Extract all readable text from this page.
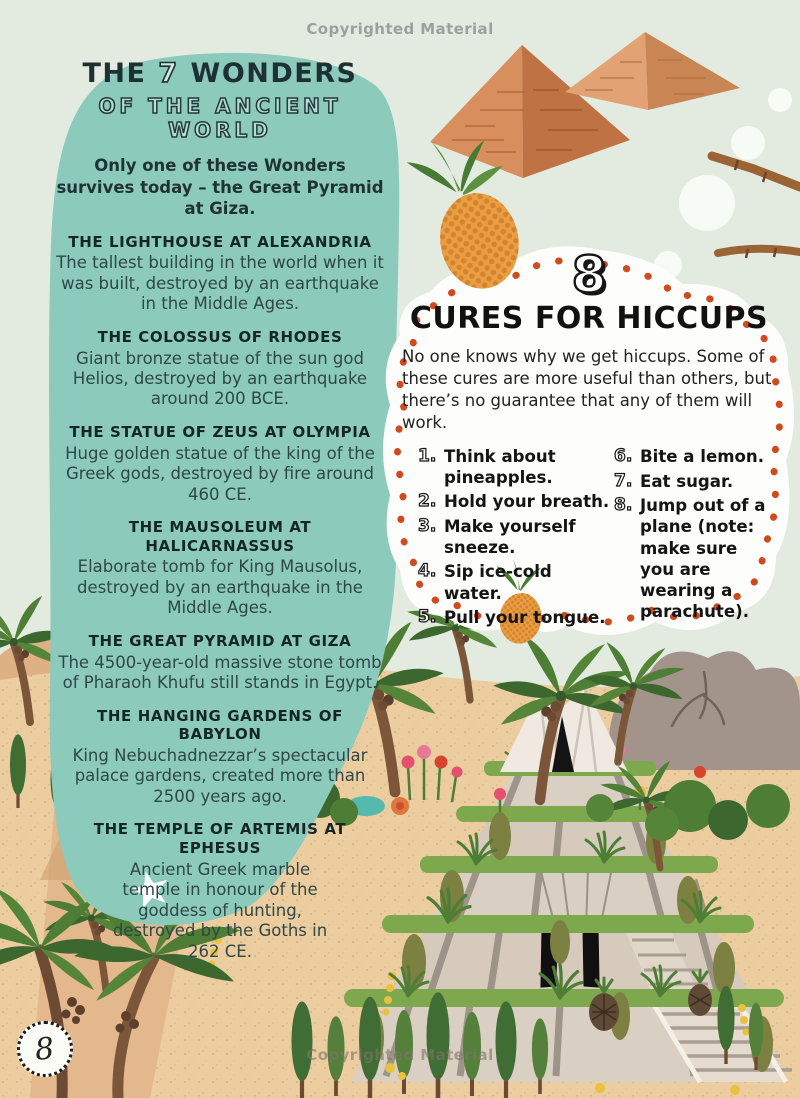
Copyrighted Material
THE 7 WONDERS
OF THE ANCIENT WORLD
Only one of these Wonders survives today – the Great Pyramid at Giza.
THE LIGHTHOUSE AT ALEXANDRIA
The tallest building in the world when it was built, destroyed by an earthquake in the Middle Ages.
THE COLOSSUS OF RHODES
Giant bronze statue of the sun god Helios, destroyed by an earthquake around 200 BCE.
THE STATUE OF ZEUS AT OLYMPIA
Huge golden statue of the king of the Greek gods, destroyed by fire around 460 CE.
THE MAUSOLEUM AT HALICARNASSUS
Elaborate tomb for King Mausolus, destroyed by an earthquake in the Middle Ages.
THE GREAT PYRAMID AT GIZA
The 4500-year-old massive stone tomb of Pharaoh Khufu still stands in Egypt.
THE HANGING GARDENS OF BABYLON
King Nebuchadnezzar’s spectacular palace gardens, created more than 2500 years ago.
THE TEMPLE OF ARTEMIS AT EPHESUS
Ancient Greek marble temple in honour of the goddess of hunting, destroyed by the Goths in 262 CE.
8
CURES FOR HICCUPS
No one knows why we get hiccups. Some of these cures are more useful than others, but there’s no guarantee that any of them will work.
1. Think about pineapples.
2. Hold your breath.
3. Make yourself sneeze.
4. Sip ice-cold water.
5. Pull your tongue.
6. Bite a lemon.
7. Eat sugar.
8. Jump out of a plane (note: make sure you are wearing a parachute).
8	Copyrighted Material
